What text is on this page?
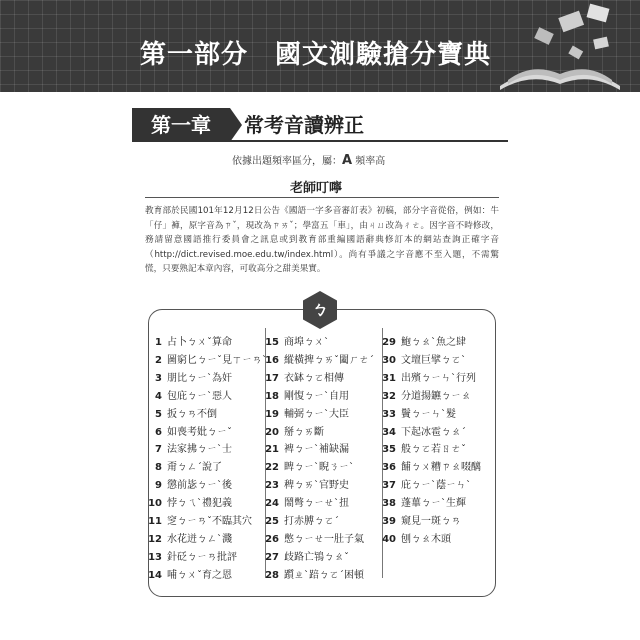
第一部分　國文測驗搶分寶典
第一章	常考音讀辨正
依據出題頻率區分，屬：A 頻率高
老師叮嚀

教育部於民國101年12月12日公告《國語一字多音審訂表》初稿，部分字音從俗，例如：牛「仔」褲，原字音為ㄗˇ，現改為ㄗㄞˇ；學富五「車」，由ㄐㄩ改為ㄔㄜ。因字音不時修改，務請留意國語推行委員會之訊息或到教育部重編國語辭典修訂本的網站查詢正確字音（http://dict.revised.moe.edu.tw/index.html）。尚有爭議之字音應不至入題，不需驚慌，只要熟記本章內容，可收高分之甜美果實。

ㄅ
1 占卜ㄅㄨˇ算命
2 圖窮匕ㄅㄧˇ見ㄒㄧㄢˋ
3 朋比ㄅㄧˋ為奸
4 包庇ㄅㄧˋ惡人
5 扳ㄅㄢ不倒
6 如喪考妣ㄅㄧˇ
7 法家拂ㄅㄧˋ士
8 甭ㄅㄥˊ說了
9 懲前毖ㄅㄧˋ後
10 悖ㄅㄟˋ禮犯義
11 窆ㄅㄧㄢˇ不臨其穴
12 水花迸ㄅㄥˋ濺
13 針砭ㄅㄧㄢ批評
14 哺ㄅㄨˇ育之恩
15 商埠ㄅㄨˋ
16 縱橫捭ㄅㄞˇ闔ㄏㄜˊ
17 衣缽ㄅㄛ相傳
18 剛愎ㄅㄧˋ自用
19 輔弼ㄅㄧˋ大臣
20 掰ㄅㄞ斷
21 裨ㄅㄧˋ補缺漏
22 睥ㄅㄧˋ睨ㄋㄧˋ
23 稗ㄅㄞˋ官野史
24 鬧彆ㄅㄧㄝˋ扭
25 打赤膊ㄅㄛˊ
26 憋ㄅㄧㄝ一肚子氣
27 歧路亡鴇ㄅㄠˇ
28 躓ㄓˋ踣ㄅㄛˊ困頓
29 鮑ㄅㄠˋ魚之肆
30 文壇巨擘ㄅㄛˋ
31 出殯ㄅㄧㄣˋ行列
32 分道揚鑣ㄅㄧㄠ
33 鬢ㄅㄧㄣˋ髮
34 下起冰雹ㄅㄠˊ
35 般ㄅㄛ若ㄖㄜˇ
36 餔ㄅㄨ糟ㄗㄠ啜醨
37 庇ㄅㄧˋ蔭ㄧㄣˋ
38 蓬蓽ㄅㄧˋ生輝
39 窺見一斑ㄅㄢ
40 刨ㄅㄠ木頭
